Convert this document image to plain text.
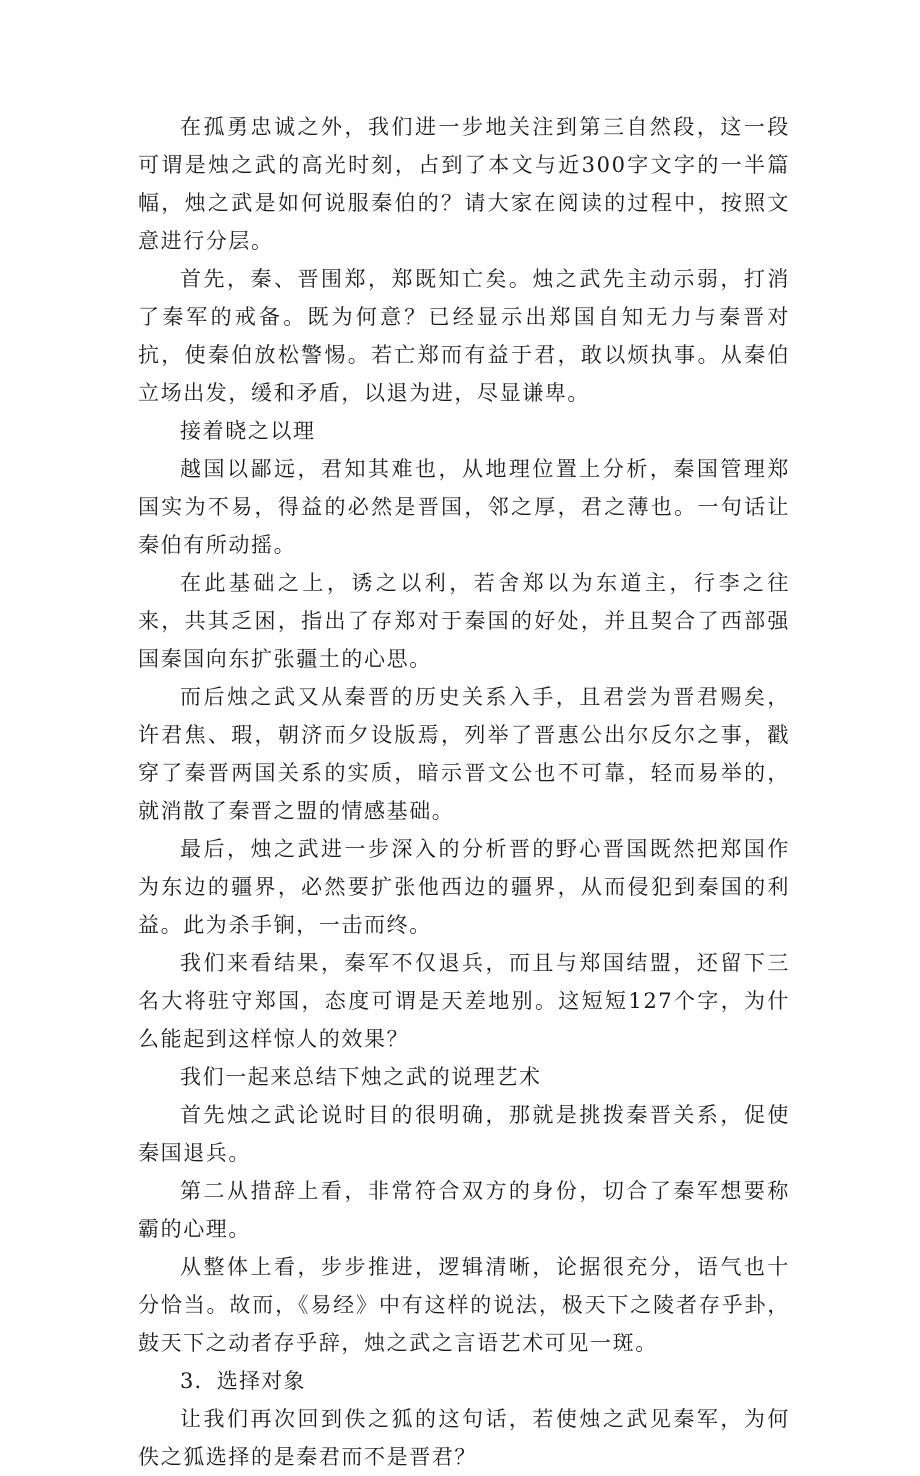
在孤勇忠诚之外，我们进一步地关注到第三自然段，这一段可谓是烛之武的高光时刻，占到了本文与近300字文字的一半篇幅，烛之武是如何说服秦伯的？请大家在阅读的过程中，按照文意进行分层。

首先，秦、晋围郑，郑既知亡矣。烛之武先主动示弱，打消了秦军的戒备。既为何意？已经显示出郑国自知无力与秦晋对抗，使秦伯放松警惕。若亡郑而有益于君，敢以烦执事。从秦伯立场出发，缓和矛盾，以退为进，尽显谦卑。

接着晓之以理

越国以鄙远，君知其难也，从地理位置上分析，秦国管理郑国实为不易，得益的必然是晋国，邻之厚，君之薄也。一句话让秦伯有所动摇。

在此基础之上，诱之以利，若舍郑以为东道主，行李之往来，共其乏困，指出了存郑对于秦国的好处，并且契合了西部强国秦国向东扩张疆土的心思。

而后烛之武又从秦晋的历史关系入手，且君尝为晋君赐矣，许君焦、瑕，朝济而夕设版焉，列举了晋惠公出尔反尔之事，戳穿了秦晋两国关系的实质，暗示晋文公也不可靠，轻而易举的，就消散了秦晋之盟的情感基础。

最后，烛之武进一步深入的分析晋的野心晋国既然把郑国作为东边的疆界，必然要扩张他西边的疆界，从而侵犯到秦国的利益。此为杀手锏，一击而终。

我们来看结果，秦军不仅退兵，而且与郑国结盟，还留下三名大将驻守郑国，态度可谓是天差地别。这短短127个字，为什么能起到这样惊人的效果？

我们一起来总结下烛之武的说理艺术

首先烛之武论说时目的很明确，那就是挑拨秦晋关系，促使秦国退兵。

第二从措辞上看，非常符合双方的身份，切合了秦军想要称霸的心理。

从整体上看，步步推进，逻辑清晰，论据很充分，语气也十分恰当。故而，《易经》中有这样的说法，极天下之陵者存乎卦，鼓天下之动者存乎辞，烛之武之言语艺术可见一斑。

3．选择对象

让我们再次回到佚之狐的这句话，若使烛之武见秦军，为何佚之狐选择的是秦君而不是晋君？
